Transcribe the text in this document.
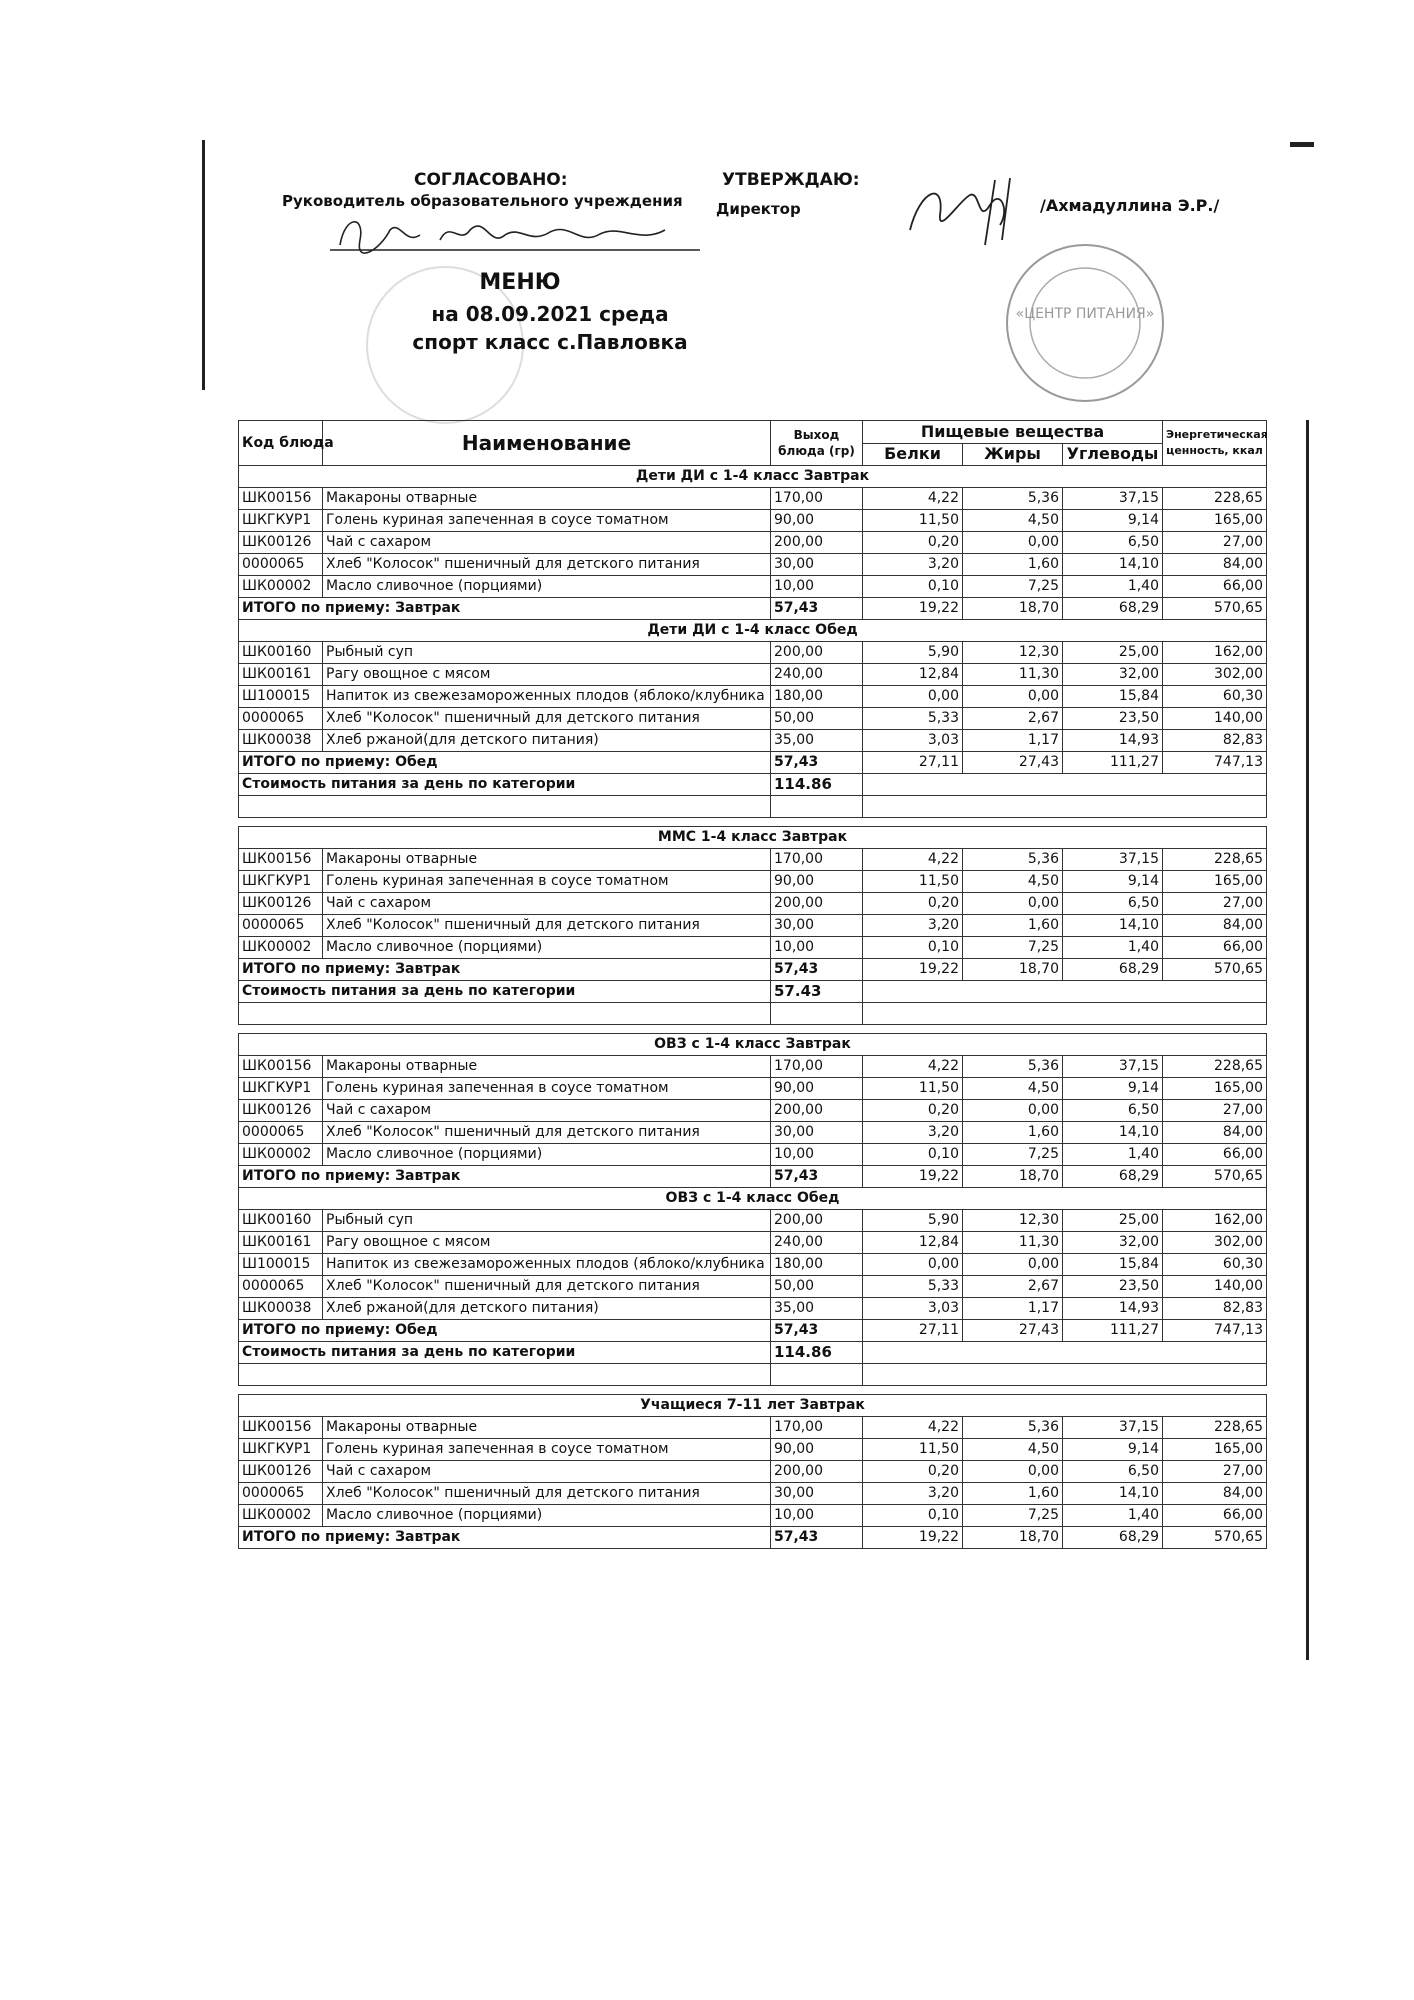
СОГЛАСОВАНО:
Руководитель образовательного учреждения
УТВЕРЖДАЮ:
Директор	/Ахмадуллина Э.Р./
«ЦЕНТР ПИТАНИЯ»
МЕНЮ
на 08.09.2021 среда
спорт класс с.Павловка
Код блюда	Наименование	Выход блюда (гр)	Пищевые вещества			Энергетическая ценность, ккал
			Белки	Жиры	Углеводы	
Дети ДИ с 1-4 класс Завтрак						
ШК00156	Макароны отварные	170,00	4,22	5,36	37,15	228,65
ШКГКУР1	Голень куриная запеченная в соусе томатном	90,00	11,50	4,50	9,14	165,00
ШК00126	Чай с сахаром	200,00	0,20	0,00	6,50	27,00
0000065	Хлеб "Колосок" пшеничный для детского питания	30,00	3,20	1,60	14,10	84,00
ШК00002	Масло сливочное (порциями)	10,00	0,10	7,25	1,40	66,00
ИТОГО по приему: Завтрак		57,43	19,22	18,70	68,29	570,65
Дети ДИ с 1-4 класс Обед						
ШК00160	Рыбный суп	200,00	5,90	12,30	25,00	162,00
ШК00161	Рагу овощное с мясом	240,00	12,84	11,30	32,00	302,00
Ш100015	Напиток из свежезамороженных плодов (яблоко/клубника	180,00	0,00	0,00	15,84	60,30
0000065	Хлеб "Колосок" пшеничный для детского питания	50,00	5,33	2,67	23,50	140,00
ШК00038	Хлеб ржаной(для детского питания)	35,00	3,03	1,17	14,93	82,83
ИТОГО по приему: Обед		57,43	27,11	27,43	111,27	747,13
Стоимость питания за день по категории		114.86				

ММС 1-4 класс Завтрак						
ШК00156	Макароны отварные	170,00	4,22	5,36	37,15	228,65
ШКГКУР1	Голень куриная запеченная в соусе томатном	90,00	11,50	4,50	9,14	165,00
ШК00126	Чай с сахаром	200,00	0,20	0,00	6,50	27,00
0000065	Хлеб "Колосок" пшеничный для детского питания	30,00	3,20	1,60	14,10	84,00
ШК00002	Масло сливочное (порциями)	10,00	0,10	7,25	1,40	66,00
ИТОГО по приему: Завтрак		57,43	19,22	18,70	68,29	570,65
Стоимость питания за день по категории		57.43				

ОВЗ с 1-4 класс Завтрак						
ШК00156	Макароны отварные	170,00	4,22	5,36	37,15	228,65
ШКГКУР1	Голень куриная запеченная в соусе томатном	90,00	11,50	4,50	9,14	165,00
ШК00126	Чай с сахаром	200,00	0,20	0,00	6,50	27,00
0000065	Хлеб "Колосок" пшеничный для детского питания	30,00	3,20	1,60	14,10	84,00
ШК00002	Масло сливочное (порциями)	10,00	0,10	7,25	1,40	66,00
ИТОГО по приему: Завтрак		57,43	19,22	18,70	68,29	570,65
ОВЗ с 1-4 класс Обед						
ШК00160	Рыбный суп	200,00	5,90	12,30	25,00	162,00
ШК00161	Рагу овощное с мясом	240,00	12,84	11,30	32,00	302,00
Ш100015	Напиток из свежезамороженных плодов (яблоко/клубника	180,00	0,00	0,00	15,84	60,30
0000065	Хлеб "Колосок" пшеничный для детского питания	50,00	5,33	2,67	23,50	140,00
ШК00038	Хлеб ржаной(для детского питания)	35,00	3,03	1,17	14,93	82,83
ИТОГО по приему: Обед		57,43	27,11	27,43	111,27	747,13
Стоимость питания за день по категории		114.86				

Учащиеся 7-11 лет Завтрак						
ШК00156	Макароны отварные	170,00	4,22	5,36	37,15	228,65
ШКГКУР1	Голень куриная запеченная в соусе томатном	90,00	11,50	4,50	9,14	165,00
ШК00126	Чай с сахаром	200,00	0,20	0,00	6,50	27,00
0000065	Хлеб "Колосок" пшеничный для детского питания	30,00	3,20	1,60	14,10	84,00
ШК00002	Масло сливочное (порциями)	10,00	0,10	7,25	1,40	66,00
ИТОГО по приему: Завтрак		57,43	19,22	18,70	68,29	570,65
